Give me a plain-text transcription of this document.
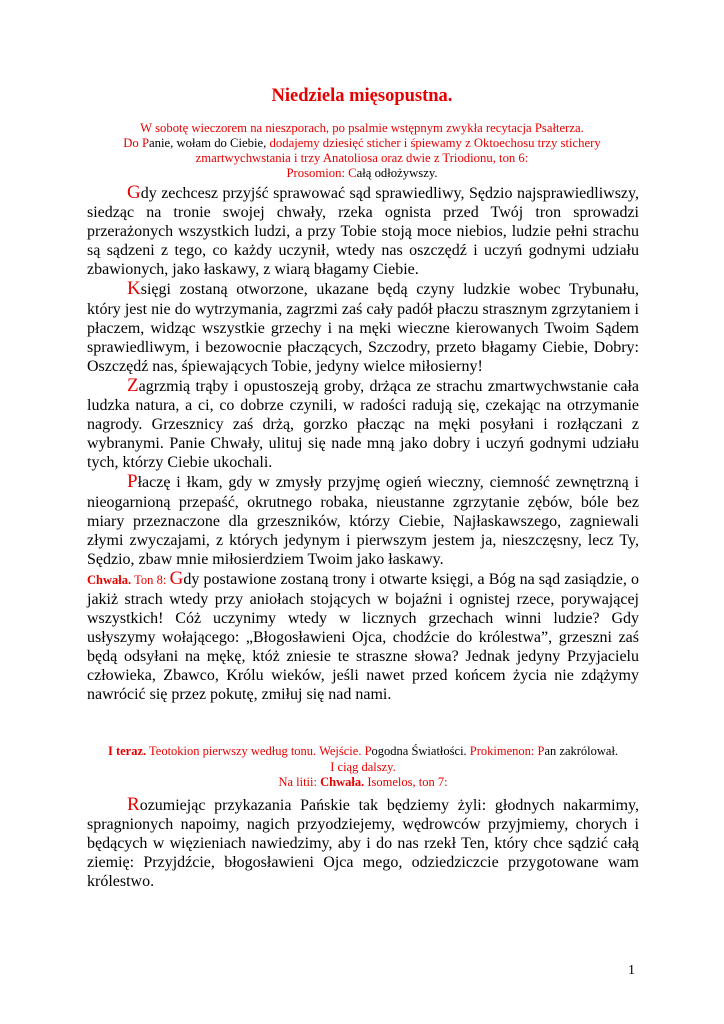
Niedziela mięsopustna.
W sobotę wieczorem na nieszporach, po psalmie wstępnym zwykła recytacja Psałterza.
Do Panie, wołam do Ciebie, dodajemy dziesięć sticher i śpiewamy z Oktoechosu trzy stichery
zmartwychwstania i trzy Anatoliosa oraz dwie z Triodionu, ton 6:
Prosomion: Całą odłożywszy.

Gdy zechcesz przyjść sprawować sąd sprawiedliwy, Sędzio najsprawiedliwszy, siedząc na tronie swojej chwały, rzeka ognista przed Twój tron sprowadzi przerażonych wszystkich ludzi, a przy Tobie stoją moce niebios, ludzie pełni strachu są sądzeni z tego, co każdy uczynił, wtedy nas oszczędź i uczyń godnymi udziału zbawionych, jako łaskawy, z wiarą błagamy Ciebie.

Księgi zostaną otworzone, ukazane będą czyny ludzkie wobec Trybunału, który jest nie do wytrzymania, zagrzmi zaś cały padół płaczu strasznym zgrzytaniem i płaczem, widząc wszystkie grzechy i na męki wieczne kierowanych Twoim Sądem sprawiedliwym, i bezowocnie płaczących, Szczodry, przeto błagamy Ciebie, Dobry: Oszczędź nas, śpiewających Tobie, jedyny wielce miłosierny!

Zagrzmią trąby i opustoszeją groby, drżąca ze strachu zmartwychwstanie cała ludzka natura, a ci, co dobrze czynili, w radości radują się, czekając na otrzymanie nagrody. Grzesznicy zaś drżą, gorzko płacząc na męki posyłani i rozłączani z wybranymi. Panie Chwały, ulituj się nade mną jako dobry i uczyń godnymi udziału tych, którzy Ciebie ukochali.

Płaczę i łkam, gdy w zmysły przyjmę ogień wieczny, ciemność zewnętrzną i nieogarnioną przepaść, okrutnego robaka, nieustanne zgrzytanie zębów, bóle bez miary przeznaczone dla grzeszników, którzy Ciebie, Najłaskawszego, zagniewali złymi zwyczajami, z których jedynym i pierwszym jestem ja, nieszczęsny, lecz Ty, Sędzio, zbaw mnie miłosierdziem Twoim jako łaskawy.

Chwała. Ton 8: Gdy postawione zostaną trony i otwarte księgi, a Bóg na sąd zasiądzie, o jakiż strach wtedy przy aniołach stojących w bojaźni i ognistej rzece, porywającej wszystkich! Cóż uczynimy wtedy w licznych grzechach winni ludzie? Gdy usłyszymy wołającego: „Błogosławieni Ojca, chodźcie do królestwa”, grzeszni zaś będą odsyłani na mękę, któż zniesie te straszne słowa? Jednak jedyny Przyjacielu człowieka, Zbawco, Królu wieków, jeśli nawet przed końcem życia nie zdążymy nawrócić się przez pokutę, zmiłuj się nad nami.

I teraz. Teotokion pierwszy według tonu. Wejście. Pogodna Światłości. Prokimenon: Pan zakrólował.
I ciąg dalszy.
Na litii: Chwała. Isomelos, ton 7:

Rozumiejąc przykazania Pańskie tak będziemy żyli: głodnych nakarmimy, spragnionych napoimy, nagich przyodziejemy, wędrowców przyjmiemy, chorych i będących w więzieniach nawiedzimy, aby i do nas rzekł Ten, który chce sądzić całą ziemię: Przyjdźcie, błogosławieni Ojca mego, odziedziczcie przygotowane wam królestwo.

1
